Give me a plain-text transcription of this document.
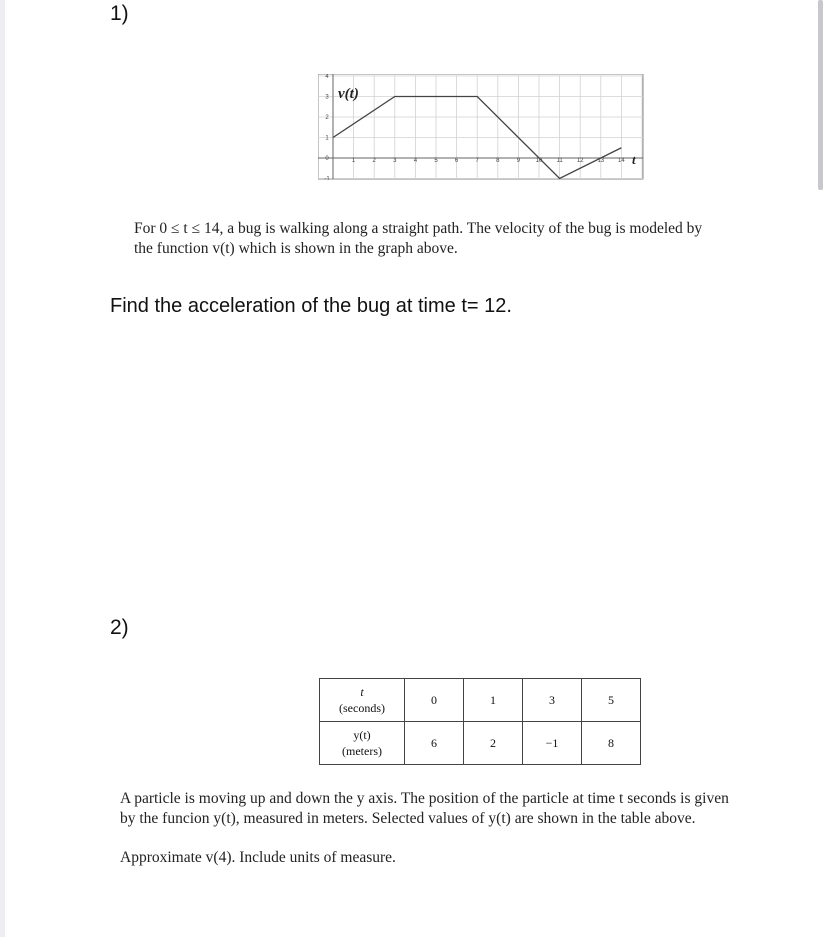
1)
1	2	3	4	5	6	7	8	9	10 11 12 13 14
4
3
2
1
0
-1
v(t)
t
For 0 ≤ t ≤ 14, a bug is walking along a straight path. The velocity of the bug is modeled by
the function v(t) which is shown in the graph above.
Find the acceleration of the bug at time t= 12.
2)
t
(seconds)	0	1	3	5

y(t)
(meters)	6	2	−1	8
A particle is moving up and down the y axis. The position of the particle at time t seconds is given
by the funcion y(t), measured in meters. Selected values of y(t) are shown in the table above.
Approximate v(4). Include units of measure.
